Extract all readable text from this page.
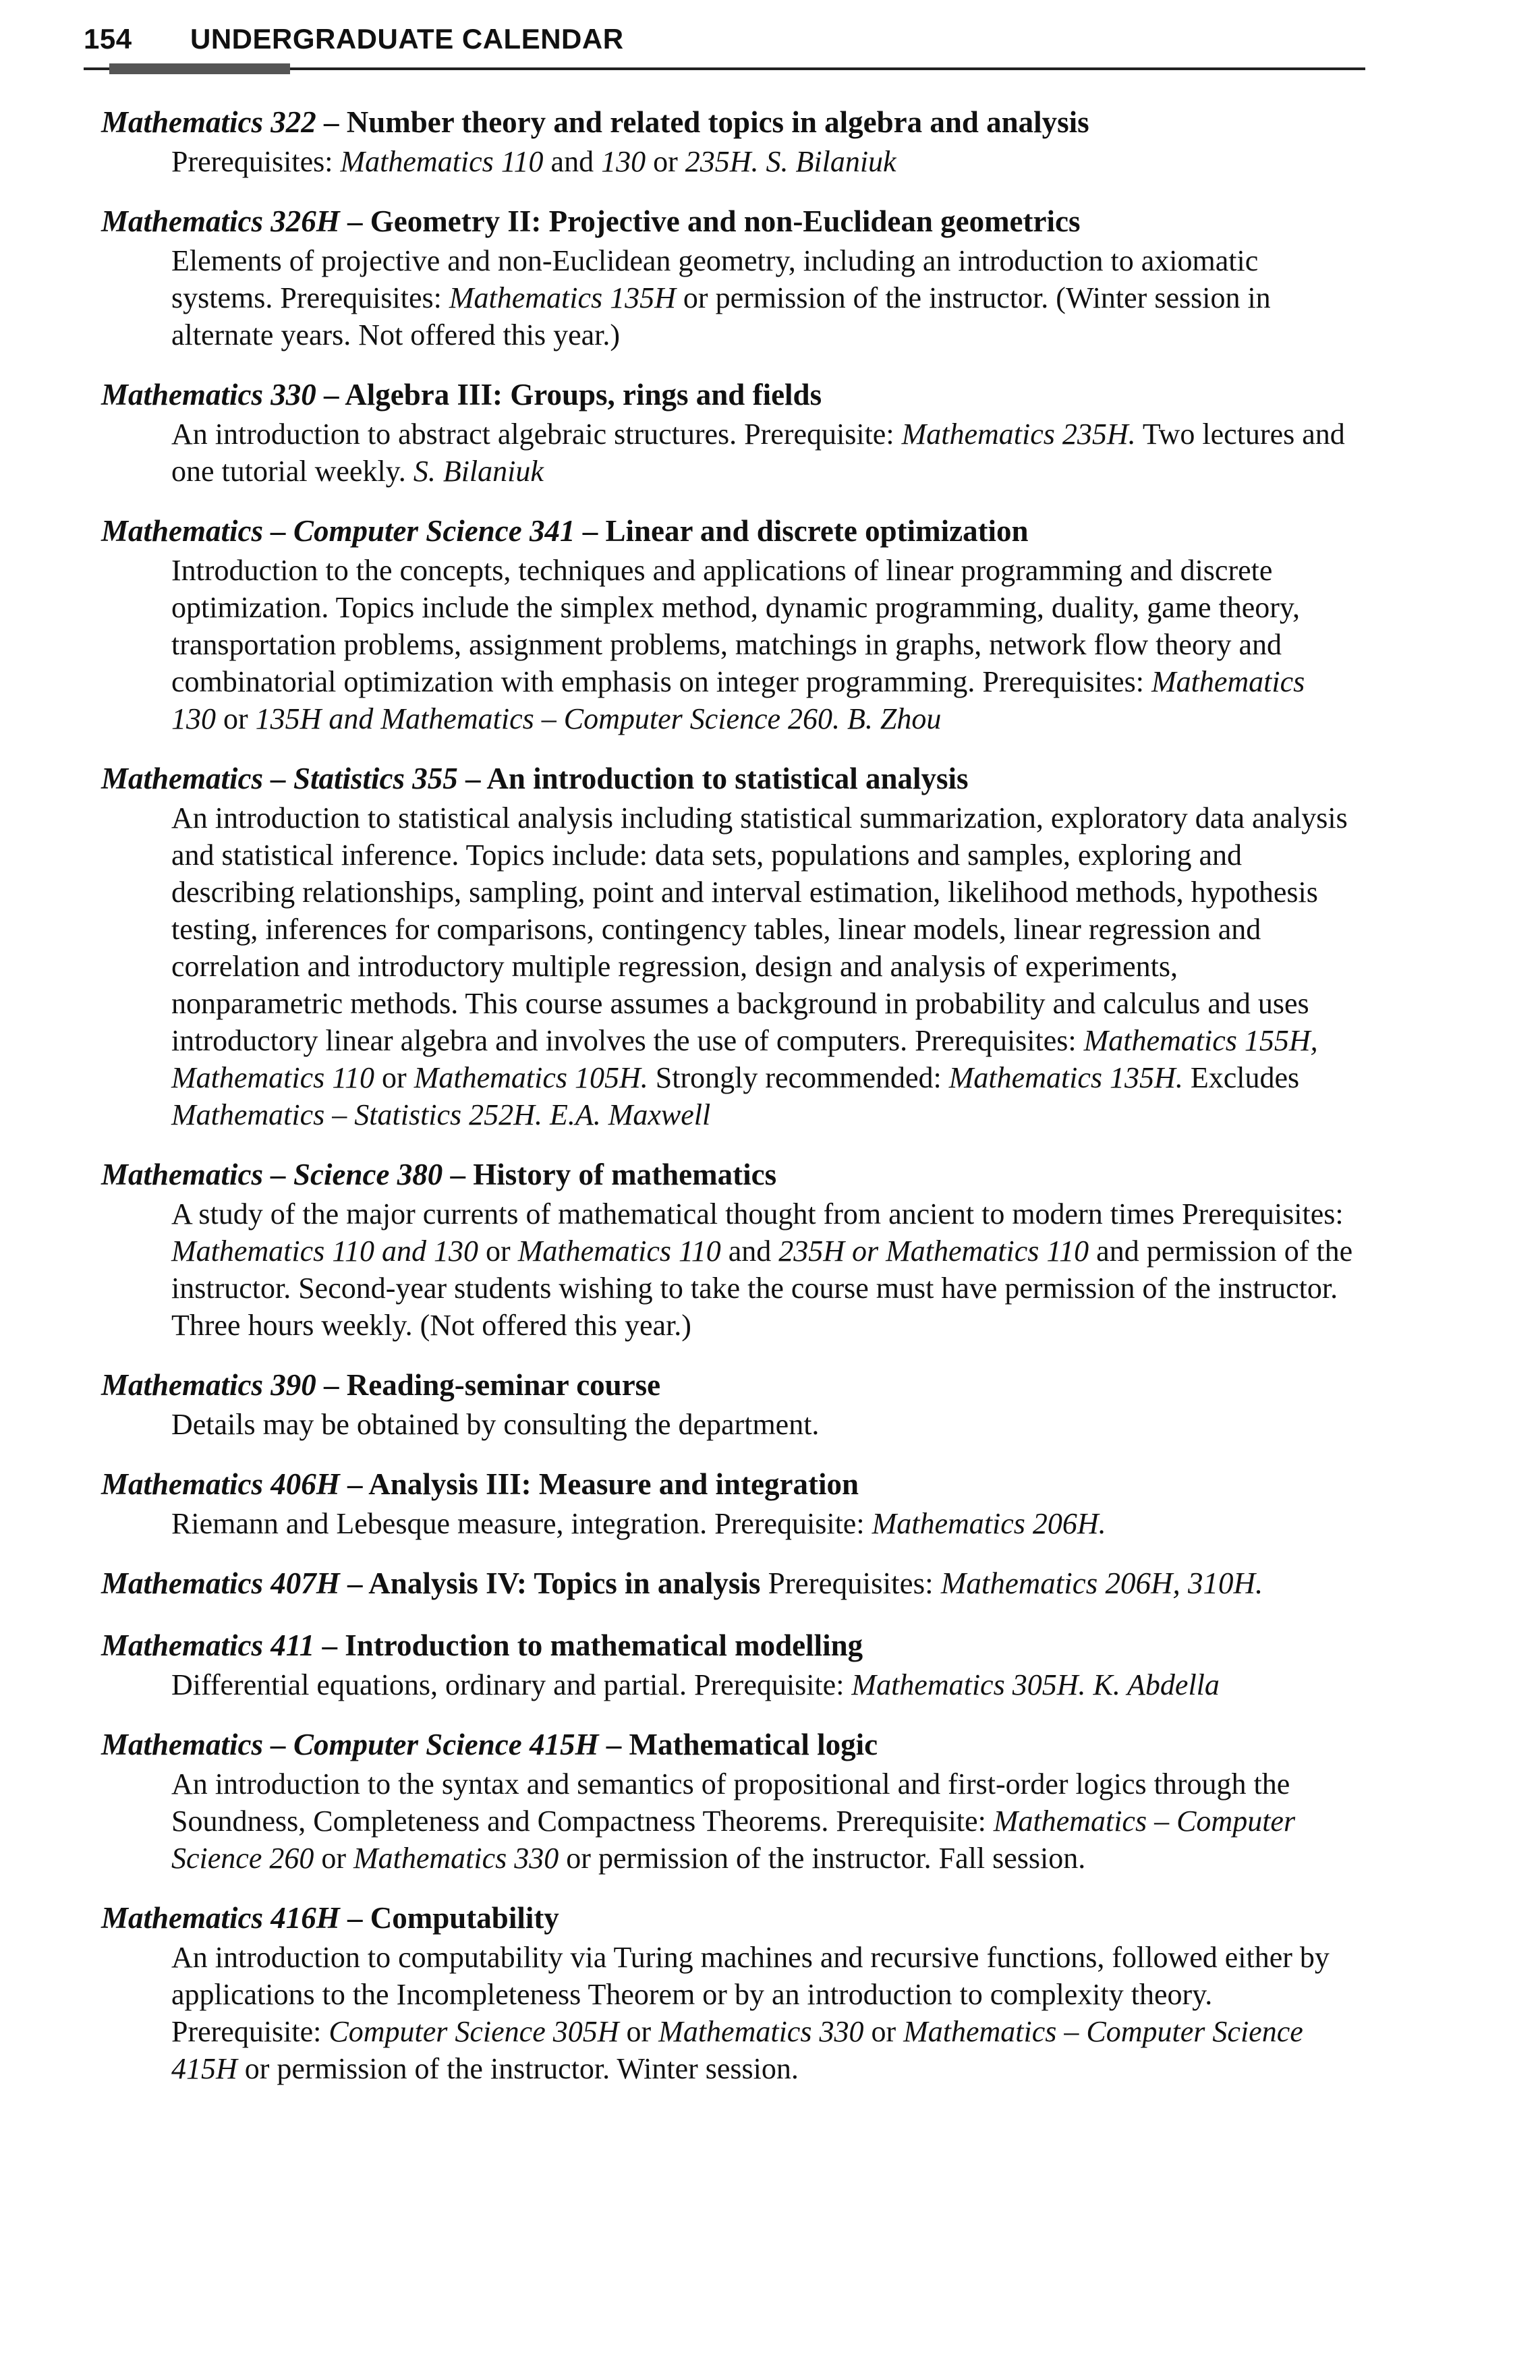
154 UNDERGRADUATE CALENDAR
Mathematics 322 – Number theory and related topics in algebra and analysis
Prerequisites: Mathematics 110 and 130 or 235H. S. Bilaniuk
Mathematics 326H – Geometry II: Projective and non-Euclidean geometrics
Elements of projective and non-Euclidean geometry, including an introduction to axiomatic systems. Prerequisites: Mathematics 135H or permission of the instructor. (Winter session in alternate years. Not offered this year.)
Mathematics 330 – Algebra III: Groups, rings and fields
An introduction to abstract algebraic structures. Prerequisite: Mathematics 235H. Two lectures and one tutorial weekly. S. Bilaniuk
Mathematics – Computer Science 341 – Linear and discrete optimization
Introduction to the concepts, techniques and applications of linear programming and discrete optimization. Topics include the simplex method, dynamic programming, duality, game theory, transportation problems, assignment problems, matchings in graphs, network flow theory and combinatorial optimization with emphasis on integer programming. Prerequisites: Mathematics 130 or 135H and Mathematics – Computer Science 260. B. Zhou
Mathematics – Statistics 355 – An introduction to statistical analysis
An introduction to statistical analysis including statistical summarization, exploratory data analysis and statistical inference. Topics include: data sets, populations and samples, exploring and describing relationships, sampling, point and interval estimation, likelihood methods, hypothesis testing, inferences for comparisons, contingency tables, linear models, linear regression and correlation and introductory multiple regression, design and analysis of experiments, nonparametric methods. This course assumes a background in probability and calculus and uses introductory linear algebra and involves the use of computers. Prerequisites: Mathematics 155H, Mathematics 110 or Mathematics 105H. Strongly recommended: Mathematics 135H. Excludes Mathematics – Statistics 252H. E.A. Maxwell
Mathematics – Science 380 – History of mathematics
A study of the major currents of mathematical thought from ancient to modern times Prerequisites: Mathematics 110 and 130 or Mathematics 110 and 235H or Mathematics 110 and permission of the instructor. Second-year students wishing to take the course must have permission of the instructor. Three hours weekly. (Not offered this year.)
Mathematics 390 – Reading-seminar course
Details may be obtained by consulting the department.
Mathematics 406H – Analysis III: Measure and integration
Riemann and Lebesque measure, integration. Prerequisite: Mathematics 206H.
Mathematics 407H – Analysis IV: Topics in analysis Prerequisites: Mathematics 206H, 310H.
Mathematics 411 – Introduction to mathematical modelling
Differential equations, ordinary and partial. Prerequisite: Mathematics 305H. K. Abdella
Mathematics – Computer Science 415H – Mathematical logic
An introduction to the syntax and semantics of propositional and first-order logics through the Soundness, Completeness and Compactness Theorems. Prerequisite: Mathematics – Computer Science 260 or Mathematics 330 or permission of the instructor. Fall session.
Mathematics 416H – Computability
An introduction to computability via Turing machines and recursive functions, followed either by applications to the Incompleteness Theorem or by an introduction to complexity theory. Prerequisite: Computer Science 305H or Mathematics 330 or Mathematics – Computer Science 415H or permission of the instructor. Winter session.
